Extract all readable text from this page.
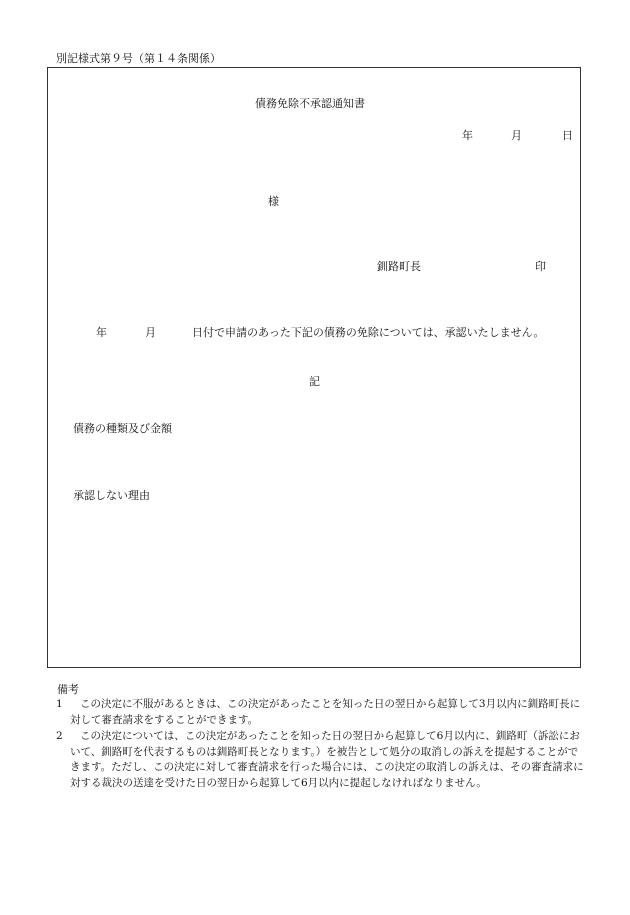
別記様式第９号（第１４条関係）
債務免除不承認通知書
年	月	日
様
釧路町長	印
年	月	日付で申請のあった下記の債務の免除については、承認いたしません。
記
債務の種類及び金額
承認しない理由
備考
1	この決定に不服があるときは、この決定があったことを知った日の翌日から起算して3月以内に釧路町長に対して審査請求をすることができます。
2	この決定については、この決定があったことを知った日の翌日から起算して6月以内に、釧路町（訴訟において、釧路町を代表するものは釧路町長となります。）を被告として処分の取消しの訴えを提起することができます。ただし、この決定に対して審査請求を行った場合には、この決定の取消しの訴えは、その審査請求に対する裁決の送達を受けた日の翌日から起算して6月以内に提起しなければなりません。
